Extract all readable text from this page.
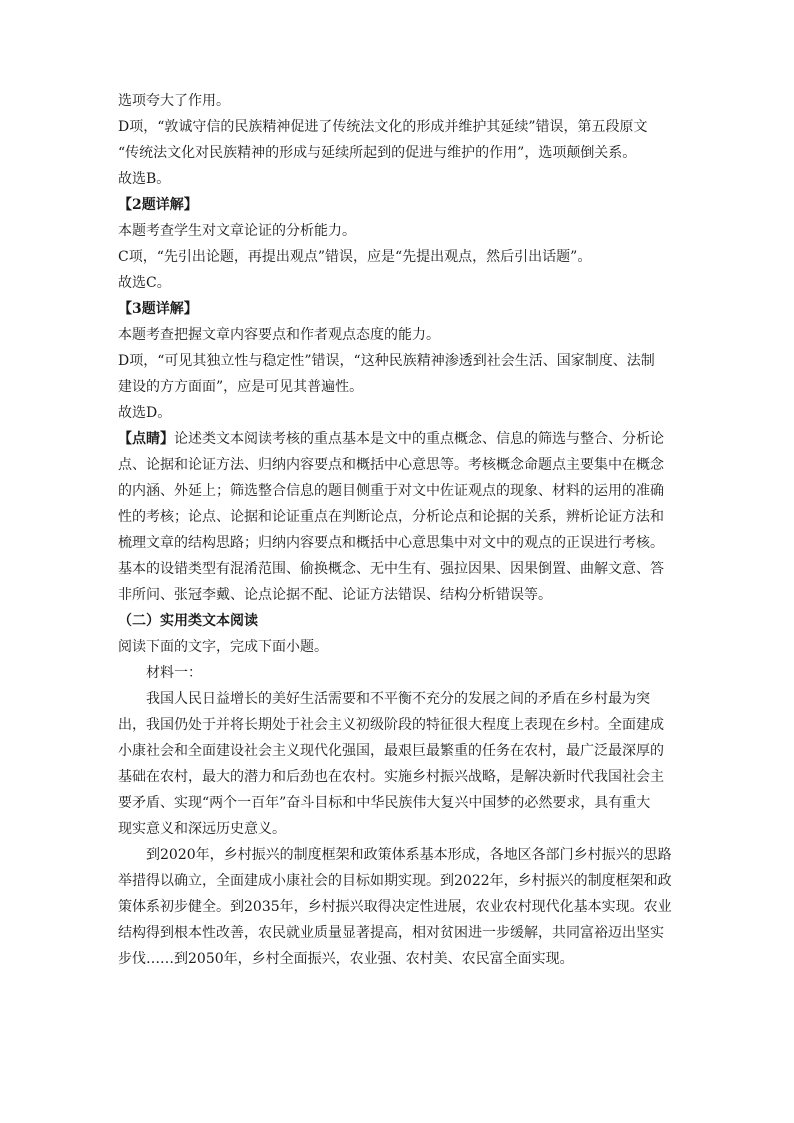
选项夸大了作用。

D项，“敦诚守信的民族精神促进了传统法文化的形成并维护其延续”错误，第五段原文

“传统法文化对民族精神的形成与延续所起到的促进与维护的作用”，选项颠倒关系。

故选B。

【2题详解】

本题考查学生对文章论证的分析能力。

C项，“先引出论题，再提出观点”错误，应是“先提出观点，然后引出话题”。

故选C。

【3题详解】

本题考查把握文章内容要点和作者观点态度的能力。

D项，“可见其独立性与稳定性”错误，“这种民族精神渗透到社会生活、国家制度、法制

建设的方方面面”，应是可见其普遍性。

故选D。

【点睛】论述类文本阅读考核的重点基本是文中的重点概念、信息的筛选与整合、分析论

点、论据和论证方法、归纳内容要点和概括中心意思等。考核概念命题点主要集中在概念

的内涵、外延上；筛选整合信息的题目侧重于对文中佐证观点的现象、材料的运用的准确

性的考核；论点、论据和论证重点在判断论点，分析论点和论据的关系，辨析论证方法和

梳理文章的结构思路；归纳内容要点和概括中心意思集中对文中的观点的正误进行考核。

基本的设错类型有混淆范围、偷换概念、无中生有、强拉因果、因果倒置、曲解文意、答

非所问、张冠李戴、论点论据不配、论证方法错误、结构分析错误等。

（二）实用类文本阅读

阅读下面的文字，完成下面小题。

材料一：

我国人民日益增长的美好生活需要和不平衡不充分的发展之间的矛盾在乡村最为突

出，我国仍处于并将长期处于社会主义初级阶段的特征很大程度上表现在乡村。全面建成

小康社会和全面建设社会主义现代化强国，最艰巨最繁重的任务在农村，最广泛最深厚的

基础在农村，最大的潜力和后劲也在农村。实施乡村振兴战略，是解决新时代我国社会主

要矛盾、实现“两个一百年”奋斗目标和中华民族伟大复兴中国梦的必然要求，具有重大

现实意义和深远历史意义。

到2020年，乡村振兴的制度框架和政策体系基本形成，各地区各部门乡村振兴的思路

举措得以确立，全面建成小康社会的目标如期实现。到2022年，乡村振兴的制度框架和政

策体系初步健全。到2035年，乡村振兴取得决定性进展，农业农村现代化基本实现。农业

结构得到根本性改善，农民就业质量显著提高，相对贫困进一步缓解，共同富裕迈出坚实

步伐……到2050年，乡村全面振兴，农业强、农村美、农民富全面实现。
